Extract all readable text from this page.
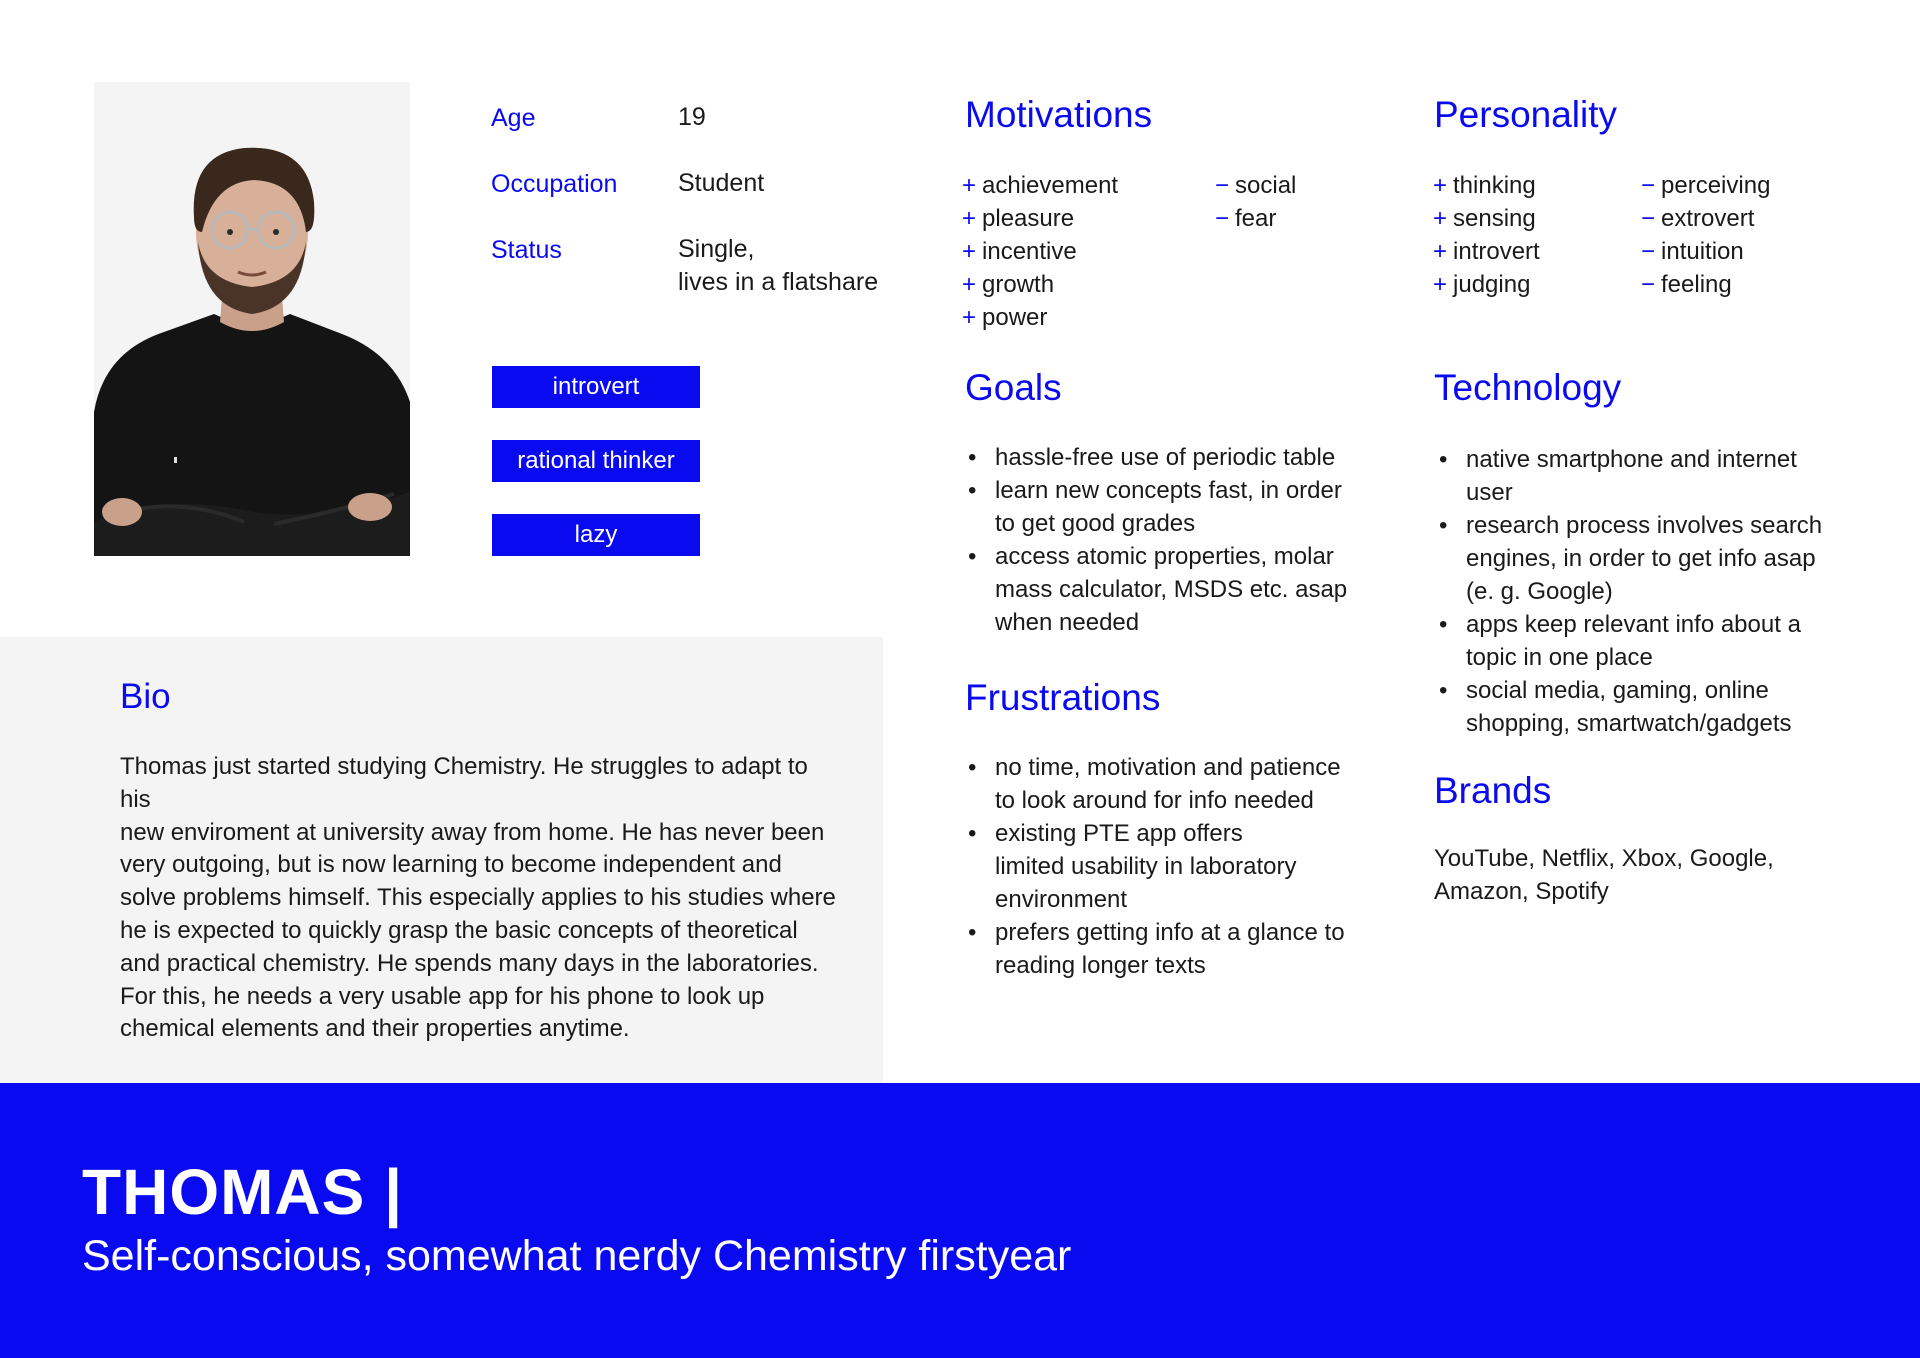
Age	19
Occupation Student
Status	Single,
lives in a flatshare
introvert
rational thinker
lazy
Bio
Thomas just started studying Chemistry. He struggles to adapt to his
new enviroment at university away from home. He has never been
very outgoing, but is now learning to become independent and
solve problems himself. This especially applies to his studies where
he is expected to quickly grasp the basic concepts of theoretical
and practical chemistry. He spends many days in the laboratories.
For this, he needs a very usable app for his phone to look up
chemical elements and their properties anytime.
Motivations
+ achievement
+ pleasure
+ incentive
+ growth
+ power
− social
− fear
Personality
+ thinking
+ sensing
+ introvert
+ judging
− perceiving
− extrovert
− intuition
− feeling
Goals
• hassle-free use of periodic table
• learn new concepts fast, in order
to get good grades
• access atomic properties, molar
mass calculator, MSDS etc. asap
when needed
Frustrations
• no time, motivation and patience
to look around for info needed
• existing PTE app offers
limited usability in laboratory
environment
• prefers getting info at a glance to
reading longer texts
Technology
• native smartphone and internet
user
• research process involves search
engines, in order to get info asap
(e. g. Google)
• apps keep relevant info about a
topic in one place
• social media, gaming, online
shopping, smartwatch/gadgets
Brands
YouTube, Netflix, Xbox, Google,
Amazon, Spotify
THOMAS |
Self-conscious, somewhat nerdy Chemistry firstyear
